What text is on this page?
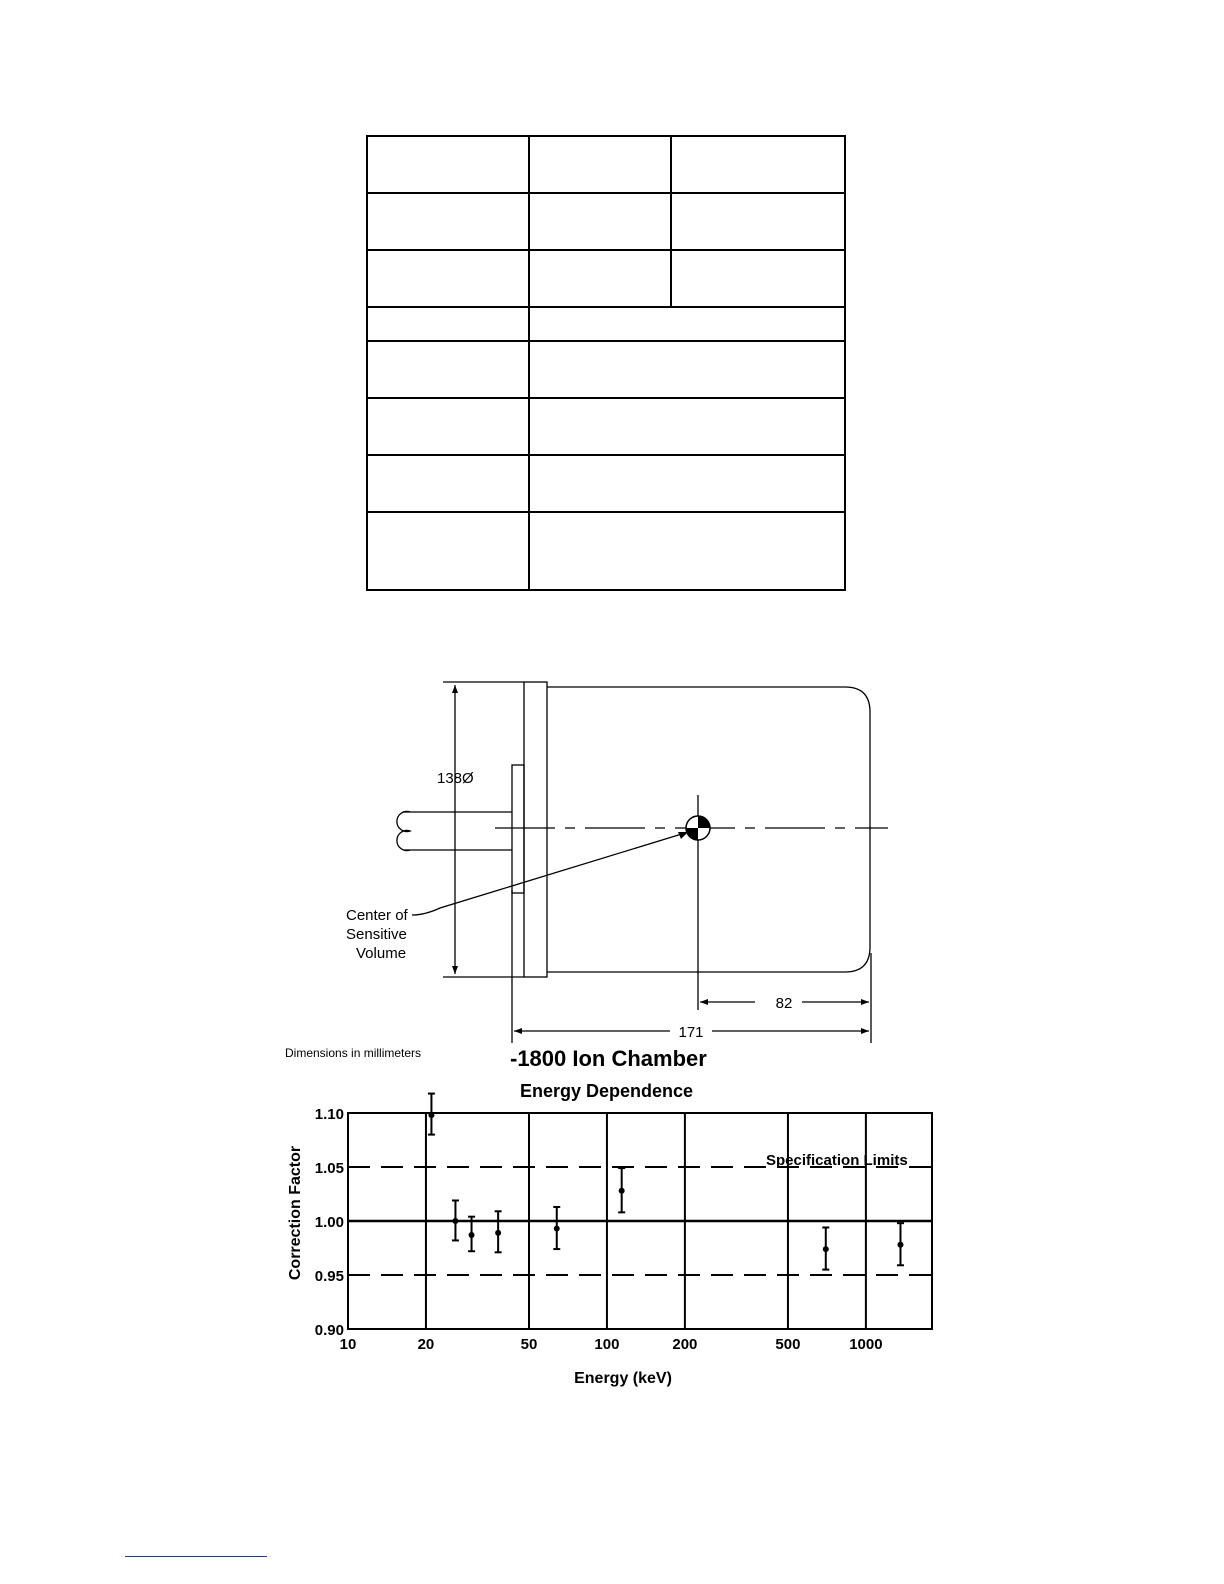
138Ø
Center of
Sensitive
Volume
82
171
Dimensions in millimeters	-1800 Ion Chamber
Energy Dependence
Correction Factor
Energy (keV)
10	20	50	100	200	500	1000
0.90
0.95
1.00
1.05
1.10
Specification Limits
